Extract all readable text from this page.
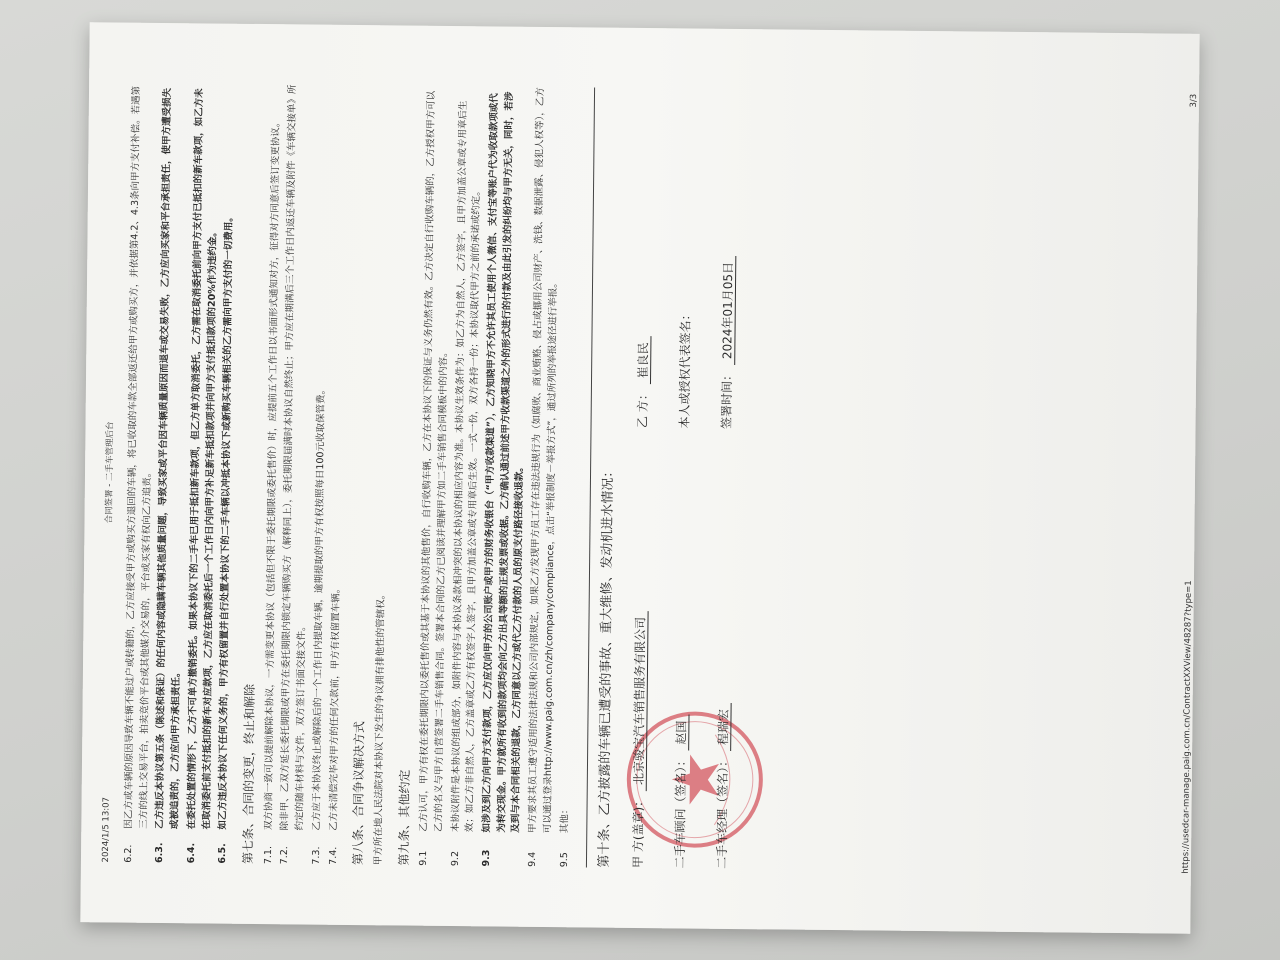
2024/1/5 13:07
合同签署 - 二手车管理后台
6.2.
因乙方或车辆的原因导致车辆不能过户或转籍的，乙方应接受甲方或购买方退回的车辆，将已收取的车款全部返还给甲方或购买方，并依据第4.2、4.3条向甲方支付补偿。若遇第三方的线上交易平台，拍卖竞价平台或其他媒介交易的，平台或买家有权向乙方追责。
6.3.
乙方违反本协议第五条（陈述和保证）的任何内容或隐瞒车辆其他质量问题，导致买家或平台因车辆质量原因而退车或交易失败，乙方应向买家和平台承担责任，使甲方遭受损失或被追责的，乙方应向甲方承担责任。
6.4.
在委托处置的情形下，乙方不可单方撤销委托。如果本协议下的二手车已用于抵扣新车款项，但乙方单方取消委托，乙方需在取消委托前向甲方支付已抵扣的新车款项，如乙方未在取消委托前支付抵扣的新车对应款项，乙方应在取消委托后一个工作日内向甲方补足新车抵扣款项并向甲方支付抵扣款项的20%作为违约金。
6.5.
如乙方违反本协议下任何义务的，甲方有权留置并自行处置本协议下的二手车辆以冲抵本协议下或新购买车辆相关的乙方需向甲方支付的一切费用。 第七条、合同的变更，终止和解除 7.1.
双方协商一致可以提前解除本协议，一方需变更本协议（包括但不限于委托期限或委托售价）时，应提前五个工作日以书面形式通知对方，征得对方同意后签订变更协议。
7.2.
除非甲、乙双方延长委托期限或甲方在委托期限内锁定车辆购买方（解释同上），委托期限届满时本协议自然终止；甲方应在期满后三个工作日内返还车辆及附件《车辆交接单》所约定的随车材料与文件，双方签订书面交接文件。
7.3.
乙方应于本协议终止或解除后的一个工作日内提取车辆，逾期提取的甲方有权按照每日100元收取保管费。
7.4.
乙方未清偿完毕对甲方的任何欠款前，甲方有权留置车辆。 第八条、合同争议解决方式 甲方所在地人民法院对本协议下发生的争议拥有排他性的管辖权。 第九条、其他约定 9.1
乙方认可，甲方有权在委托期限内以委托售价或其基于本协议的其他售价，自行收购车辆，乙方在本协议下的保证与义务仍然有效。乙方决定自行收购车辆的，乙方授权甲方可以乙方的名义与甲方自营签署二手车销售合同。签署本合同的乙方已阅读并理解甲方如二手车销售合同模板中的内容。
9.2
本协议附件是本协议的组成部分，如附件内容与本协议条款相冲突的以本协议的相应内容为准。本协议生效条件为：如乙方为自然人，乙方签字，且甲方加盖公章或专用章后生效；如乙方非自然人，乙方盖章或乙方有权签字人签字，且甲方加盖公章或专用章后生效。一式一份，双方各持一份；本协议取代甲方之前的承诺或约定。
9.3
如涉及到乙方向甲方支付款项，乙方应仅向甲方的公司账户或甲方的财务收银台（“甲方收款渠道”），乙方知晓甲方不允许其员工使用个人微信、支付宝等账户代为收取款项或代为转交现金。甲方就所有收到的款项均会向乙方出具等额的正规发票或收据。乙方确认通过前述甲方收款渠道之外的形式进行的付款及由此引发的纠纷均与甲方无关，同时，若涉及到与本合同相关的退款，乙方同意以乙方或代乙方付款的人员的原支付路径接收退款。
9.4
甲方要求其员工遵守适用的法律法规和公司内部规定，如果乙方发现甲方员工存在违法违规行为（如腐败、商业贿赂、侵占或挪用公司财产、洗钱、数据泄露、侵犯人权等），乙方可以通过登录http://www.paig.com.cn/zh/company/compliance，点击“举报制度－举报方式”，通过所列的举报途径进行举报。
9.5
其他：	第十条、乙方披露的车辆已遭受的事故、重大维修、发动机进水情况：	甲 方(盖章)： 北京骏宝汽车销售服务有限公司
二手车顾问（签名）： 赵国
二手车经理（签名）： 程瑞宏
乙 方： 崔良民 本人或授权代表签名： 签署时间： 2024年01月05日
https://usedcar-manage.paig.com.cn/ContractXXView/48287?type=1
3/3
